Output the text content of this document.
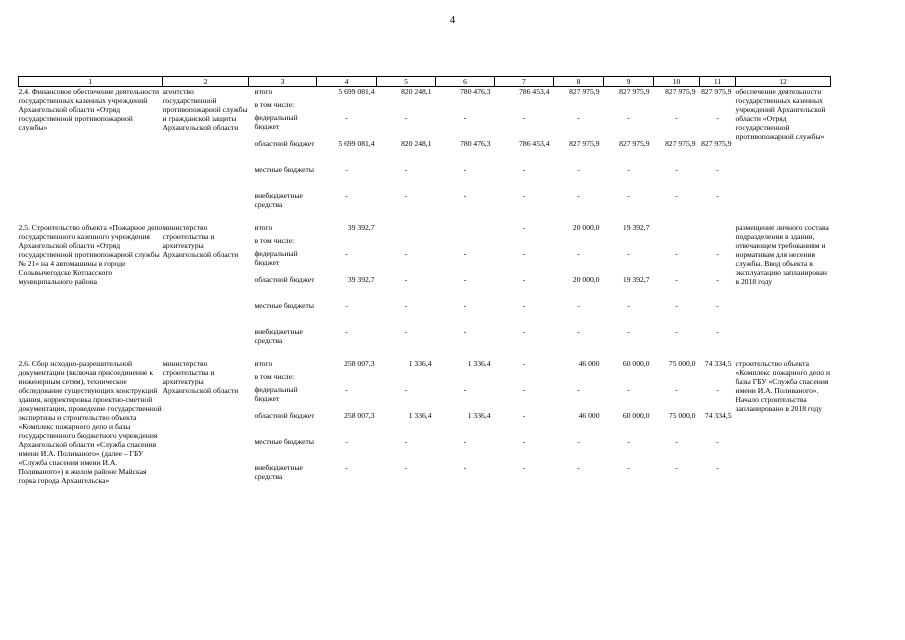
4
1	2	3	4	5	6	7	8	9	10	11	12
2.4. Финансовое обеспечение деятельности государственных казенных учреждений Архангельской области «Отряд государственной противопожарной службы»	агентство государственной противопожарной службы и гражданской защиты Архангельской области	итого	5 699 081,4	820 248,1	780 476,3	786 453,4	827 975,9	827 975,9	827 975,9	827 975,9	обеспечение деятельности государственных казенных учреждений Архангельской области «Отряд государственной противопожарной службы»
		в том числе:									
		федеральный бюджет	-	-	-	-	-	-	-	-	
		областной бюджет	5 699 081,4	820 248,1	780 476,3	786 453,4	827 975,9	827 975,9	827 975,9	827 975,9	
		местные бюджеты	-	-	-	-	-	-	-	-	
		внебюджетные средства	-	-	-	-	-	-	-	-	

2.5. Строительство объекта «Пожарное депо государственного казенного учреждения Архангельской области «Отряд государственной противопожарной службы № 21» на 4 автомашины в городе Сольвычегодске Котласского муниципального района	министерство строительства и архитектуры Архангельской области	итого	39 392,7			-	20 000,0	19 392,7			размещение личного состава подразделения в здании, отвечающем требованиям и нормативам для несения службы. Ввод объекта в эксплуатацию запланирован в 2018 году
		в том числе:									
		федеральный бюджет	-	-	-	-	-	-	-	-	
		областной бюджет	39 392,7	-	-	-	20 000,0	19 392,7	-	-	
		местные бюджеты	-	-	-	-	-	-	-	-	
		внебюджетные средства	-	-	-	-	-	-	-	-	

2.6. Сбор исходно-разрешительной документации (включая присоединение к инженерным сетям), техническое обследование существующих конструкций здания, корректировка проектно-сметной документации, проведение государственной экспертизы и строительство объекта «Комплекс пожарного депо и базы государственного бюджетного учреждения Архангельской области «Служба спасения имени И.А. Поливаного» (далее – ГБУ «Служба спасения имени И.А. Поливаного») в жилом районе Майская горка города Архангельска»	министерство строительства и архитектуры Архангельской области	итого	258 007,3	1 336,4	1 336,4	-	46 000	60 000,0	75 000,0	74 334,5	строительство объекта «Комплекс пожарного депо и базы ГБУ «Служба спасения имени И.А. Поливаного». Начало строительства запланировано в 2018 году
		в том числе:									
		федеральный бюджет	-	-	-	-	-	-	-	-	
		областной бюджет	258 007,3	1 336,4	1 336,4	-	46 000	60 000,0	75 000,0	74 334,5	
		местные бюджеты	-	-	-	-	-	-	-	-	
		внебюджетные средства	-	-	-	-	-	-	-	-	
